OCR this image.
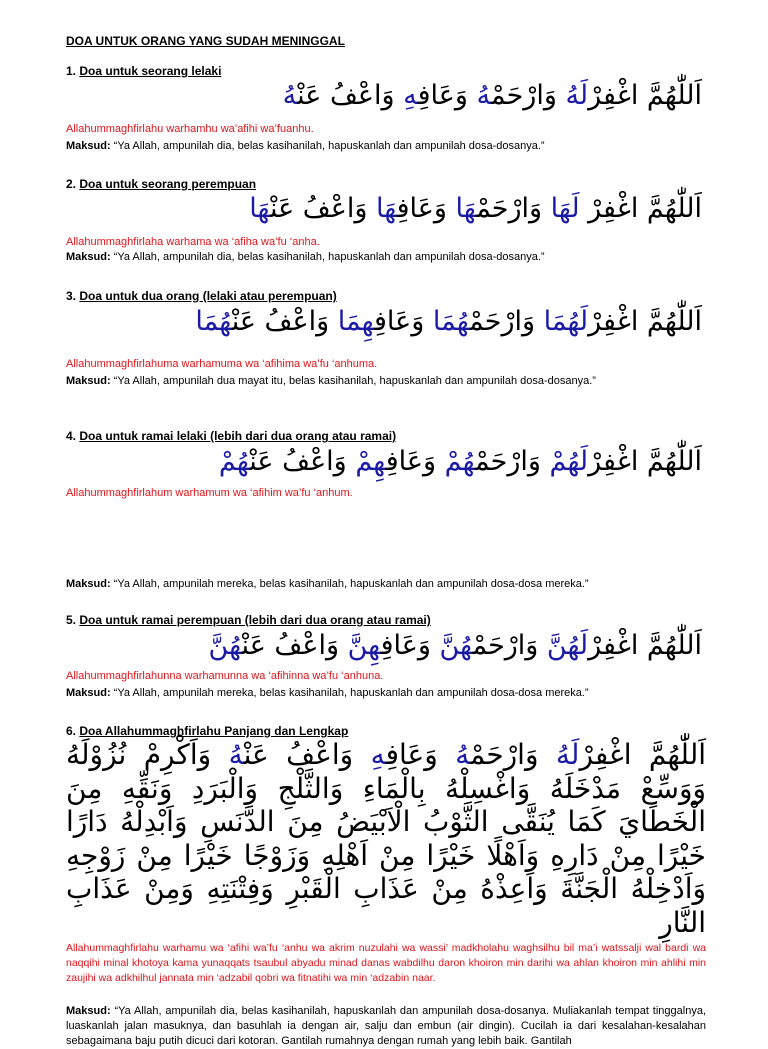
DOA UNTUK ORANG YANG SUDAH MENINGGAL
1. Doa untuk seorang lelaki
اَللّٰهُمَّ اغْفِرْلَهُ وَارْحَمْهُ وَعَافِهِ وَاعْفُ عَنْهُ
Allahummaghfirlahu warhamhu wa’afihi wa’fuanhu.
Maksud: “Ya Allah, ampunilah dia, belas kasihanilah, hapuskanlah dan ampunilah dosa-dosanya.”
2. Doa untuk seorang perempuan
اَللّٰهُمَّ اغْفِرْ لَهَا وَارْحَمْهَا وَعَافِهَا وَاعْفُ عَنْهَا
Allahummaghfirlaha warhama wa ‘afiha wa’fu ‘anha.
Maksud: “Ya Allah, ampunilah dia, belas kasihanilah, hapuskanlah dan ampunilah dosa-dosanya.”
3. Doa untuk dua orang (lelaki atau perempuan)
اَللّٰهُمَّ اغْفِرْلَهُمَا وَارْحَمْهُمَا وَعَافِهِمَا وَاعْفُ عَنْهُمَا
Allahummaghfirlahuma warhamuma wa ‘afihima wa’fu ‘anhuma.
Maksud: “Ya Allah, ampunilah dua mayat itu, belas kasihanilah, hapuskanlah dan ampunilah dosa-dosanya.”
4. Doa untuk ramai lelaki (lebih dari dua orang atau ramai)
اَللّٰهُمَّ اغْفِرْلَهُمْ وَارْحَمْهُمْ وَعَافِهِمْ وَاعْفُ عَنْهُمْ
Allahummaghfirlahum warhamum wa ‘afihim wa’fu ‘anhum.
Maksud: “Ya Allah, ampunilah mereka, belas kasihanilah, hapuskanlah dan ampunilah dosa-dosa mereka.”
5. Doa untuk ramai perempuan (lebih dari dua orang atau ramai)
اَللّٰهُمَّ اغْفِرْلَهُنَّ وَارْحَمْهُنَّ وَعَافِهِنَّ وَاعْفُ عَنْهُنَّ
Allahummaghfirlahunna warhamunna wa ‘afihinna wa’fu ‘anhuna.
Maksud: “Ya Allah, ampunilah mereka, belas kasihanilah, hapuskanlah dan ampunilah dosa-dosa mereka.”
6. Doa Allahummaghfirlahu Panjang dan Lengkap
اَللّٰهُمَّ اغْفِرْلَهُ وَارْحَمْهُ وَعَافِهِ وَاعْفُ عَنْهُ وَاَكْرِمْ نُزُوْلَهُ وَوَسِّعْ مَدْخَلَهُ وَاغْسِلْهُ بِالْمَاءِ وَالثَّلْجِ وَالْبَرَدِ وَنَقِّهِ مِنَ الْخَطَايَ كَمَا يُنَقَّى الثَّوْبُ الْاَبْيَضُ مِنَ الدَّنَسِ وَاَبْدِلْهُ دَارًا خَيْرًا مِنْ دَارِهِ وَاَهْلًا خَيْرًا مِنْ اَهْلِهِ وَزَوْجًا خَيْرًا مِنْ زَوْجِهِ وَاَدْخِلْهُ الْجَنَّةَ وَاَعِذْهُ مِنْ عَذَابِ الْقَبْرِ وَفِتْنَتِهِ وَمِنْ عَذَابِ النَّارِ
Allahummaghfirlahu warhamu wa ‘afihi wa’fu ‘anhu wa akrim nuzulahi wa wassi’ madkholahu waghsilhu bil ma’i watssalji wal bardi wa naqqihi minal khotoya kama yunaqqats tsaubul abyadu minad danas wabdilhu daron khoiron min darihi wa ahlan khoiron min ahlihi min zaujihi wa adkhilhul jannata min ‘adzabil qobri wa fitnatihi wa min ‘adzabin naar.
Maksud: “Ya Allah, ampunilah dia, belas kasihanilah, hapuskanlah dan ampunilah dosa-dosanya. Muliakanlah tempat tinggalnya, luaskanlah jalan masuknya, dan basuhlah ia dengan air, salju dan embun (air dingin). Cucilah ia dari kesalahan-kesalahan sebagaimana baju putih dicuci dari kotoran. Gantilah rumahnya dengan rumah yang lebih baik. Gantilah
